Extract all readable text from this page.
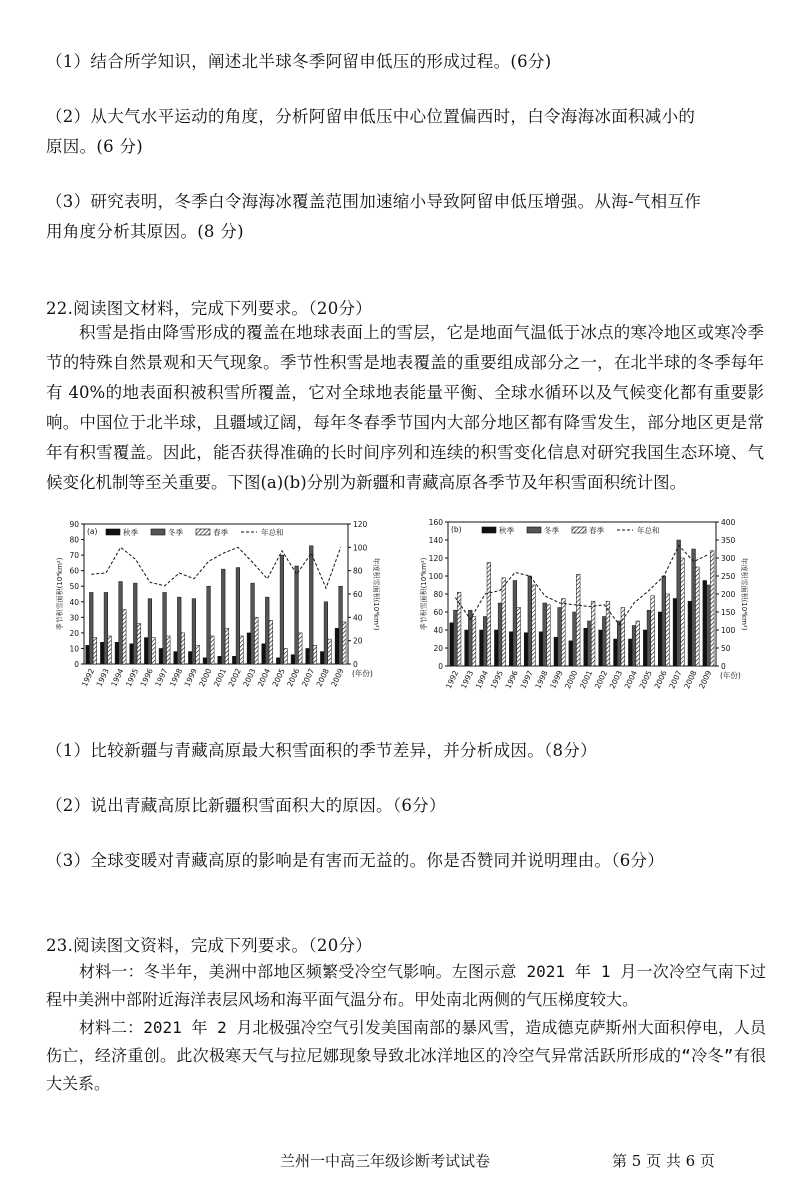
（1）结合所学知识，阐述北半球冬季阿留申低压的形成过程。(6分)
（2）从大气水平运动的角度，分析阿留申低压中心位置偏西时，白令海海冰面积减小的
原因。(6 分)
（3）研究表明，冬季白令海海冰覆盖范围加速缩小导致阿留申低压增强。从海-气相互作
用角度分析其原因。(8 分)
22.阅读图文材料，完成下列要求。（20分）
积雪是指由降雪形成的覆盖在地球表面上的雪层，它是地面气温低于冰点的寒冷地区或寒冷季节的特殊自然景观和天气现象。季节性积雪是地表覆盖的重要组成部分之一，在北半球的冬季每年有 40%的地表面积被积雪所覆盖，它对全球地表能量平衡、全球水循环以及气候变化都有重要影响。中国位于北半球，且疆域辽阔，每年冬春季节国内大部分地区都有降雪发生，部分地区更是常年有积雪覆盖。因此，能否获得准确的长时间序列和连续的积雪变化信息对研究我国生态环境、气候变化机制等至关重要。下图(a)(b)分别为新疆和青藏高原各季节及年积雪面积统计图。
0
10
20
30
40
50
60
70
80
90
0
20
40
60
80
100
120
季节积雪面积(10⁴km²)	年度积雪面积(10⁴km²)
(a)	秋季	冬季	春季	年总和
1992
1993
1994
1995
1996
1997
1998
1999
2000
2001
2002
2003
2004
2005
2006
2007
2008
2009 (年份)
0
20
40
60
80
100
120
140
160
0
50
100
150
200
250
300
350
400
季节积雪面积(10⁴km²)	年度积雪面积(10⁴km²)
(b)	秋季	冬季	春季	年总和
1992
1993
1994
1995
1996
1997
1998
1999
2000
2001
2002
2003
2004
2005
2006
2007
2008
2009 (年份)
（1）比较新疆与青藏高原最大积雪面积的季节差异，并分析成因。（8分）
（2）说出青藏高原比新疆积雪面积大的原因。（6分）
（3）全球变暖对青藏高原的影响是有害而无益的。你是否赞同并说明理由。（6分）
23.阅读图文资料，完成下列要求。（20分）
材料一：冬半年，美洲中部地区频繁受冷空气影响。左图示意 2021 年 1 月一次冷空气南下过程中美洲中部附近海洋表层风场和海平面气温分布。甲处南北两侧的气压梯度较大。
材料二：2021 年 2 月北极强冷空气引发美国南部的暴风雪，造成德克萨斯州大面积停电，人员伤亡，经济重创。此次极寒天气与拉尼娜现象导致北冰洋地区的冷空气异常活跃所形成的“冷冬”有很大关系。
兰州一中高三年级诊断考试试卷	第 5 页 共 6 页
